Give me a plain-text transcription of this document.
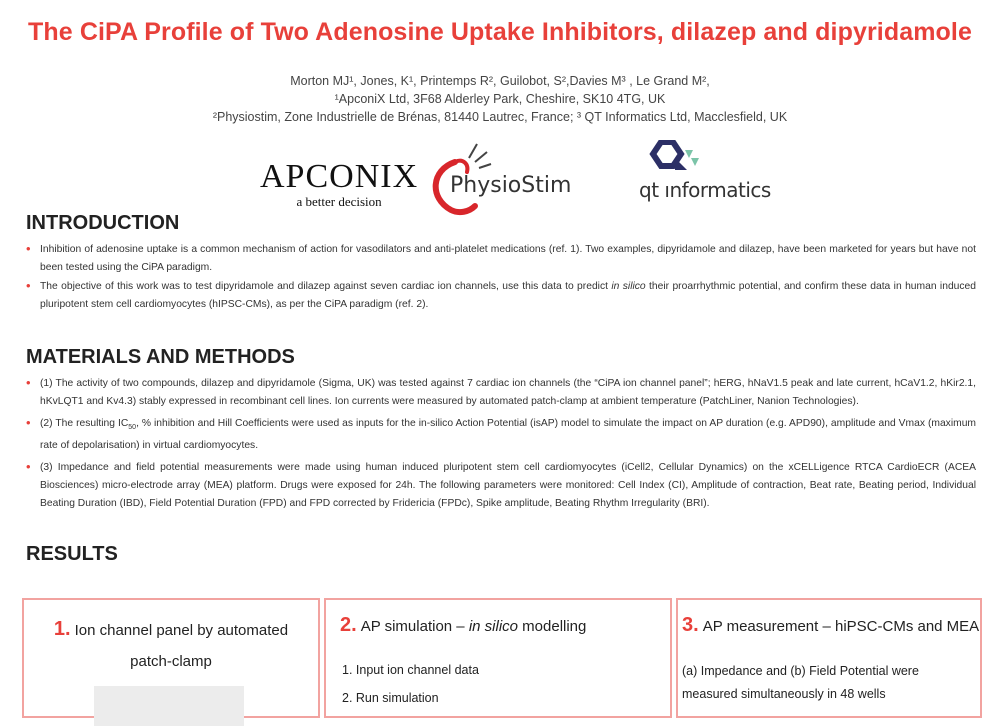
The CiPA Profile of Two Adenosine Uptake Inhibitors, dilazep and dipyridamole
Morton MJ¹, Jones, K¹, Printemps R², Guilobot, S²,Davies M³ , Le Grand M²,
¹ApconiX Ltd, 3F68 Alderley Park, Cheshire, SK10 4TG, UK
²Physiostim, Zone Industrielle de Brénas, 81440 Lautrec, France; ³ QT Informatics Ltd, Macclesfield, UK
APCONIX
a better decision
PhysioStim	qt ınformatics
INTRODUCTION
• Inhibition of adenosine uptake is a common mechanism of action for vasodilators and anti-platelet medications (ref. 1). Two examples, dipyridamole and dilazep, have been marketed for years but have not been tested using the CiPA paradigm.
• The objective of this work was to test dipyridamole and dilazep against seven cardiac ion channels, use this data to predict in silico their proarrhythmic potential, and confirm these data in human induced pluripotent stem cell cardiomyocytes (hIPSC-CMs), as per the CiPA paradigm (ref. 2).
MATERIALS AND METHODS
• (1) The activity of two compounds, dilazep and dipyridamole (Sigma, UK) was tested against 7 cardiac ion channels (the “CiPA ion channel panel”; hERG, hNaV1.5 peak and late current, hCaV1.2, hKir2.1, hKvLQT1 and Kv4.3) stably expressed in recombinant cell lines. Ion currents were measured by automated patch-clamp at ambient temperature (PatchLiner, Nanion Technologies).
• (2) The resulting $IC_{50}$, % inhibition and Hill Coefficients were used as inputs for the in-silico Action Potential (isAP) model to simulate the impact on AP duration (e.g. APD90), amplitude and Vmax (maximum rate of depolarisation) in virtual cardiomyocytes.
• (3) Impedance and field potential measurements were made using human induced pluripotent stem cell cardiomyocytes (iCell2, Cellular Dynamics) on the xCELLigence RTCA CardioECR (ACEA Biosciences) micro-electrode array (MEA) platform. Drugs were exposed for 24h. The following parameters were monitored: Cell Index (CI), Amplitude of contraction, Beat rate, Beating period, Individual Beating Duration (IBD), Field Potential Duration (FPD) and FPD corrected by Fridericia (FPDc), Spike amplitude, Beating Rhythm Irregularity (BRI).
RESULTS
1. Ion channel panel by automated patch-clamp
2. AP simulation – in silico modelling
1. Input ion channel data
2. Run simulation
3. AP measurement – hiPSC-CMs and MEA
(a) Impedance and (b) Field Potential were measured simultaneously in 48 wells
